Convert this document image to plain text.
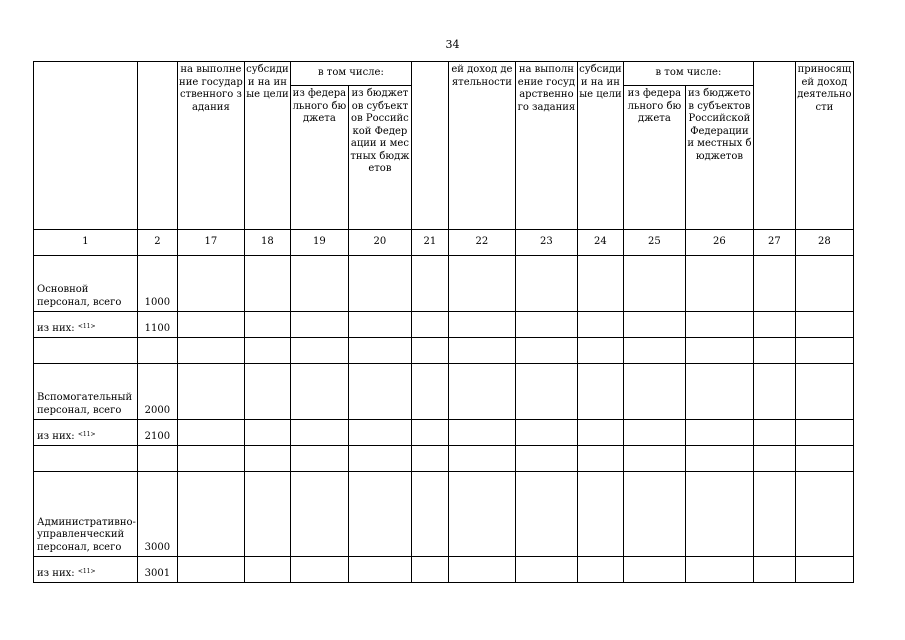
34
		на выполнение государственного задания	субсидии на иные цели	в том числе:			ей доход деятельности	на выполнение государственного задания	субсидии на иные цели	в том числе:			приносящей доход деятельности
				из федерального бюджета	из бюджетов субъектов Российской Федерации и местных бюджетов					из федерального бюджета	из бюджетов субъектов Российской Федерации и местных бюджетов		
1	2	17	18	19	20	21	22	23	24	25	26	27	28
Основной персонал, всего	1000												
из них: $^{<11>}$	1100												

Вспомогательный персонал, всего	2000												
из них: $^{<11>}$	2100												

Административно-управленческий персонал, всего	3000												
из них: $^{<11>}$	3001												
